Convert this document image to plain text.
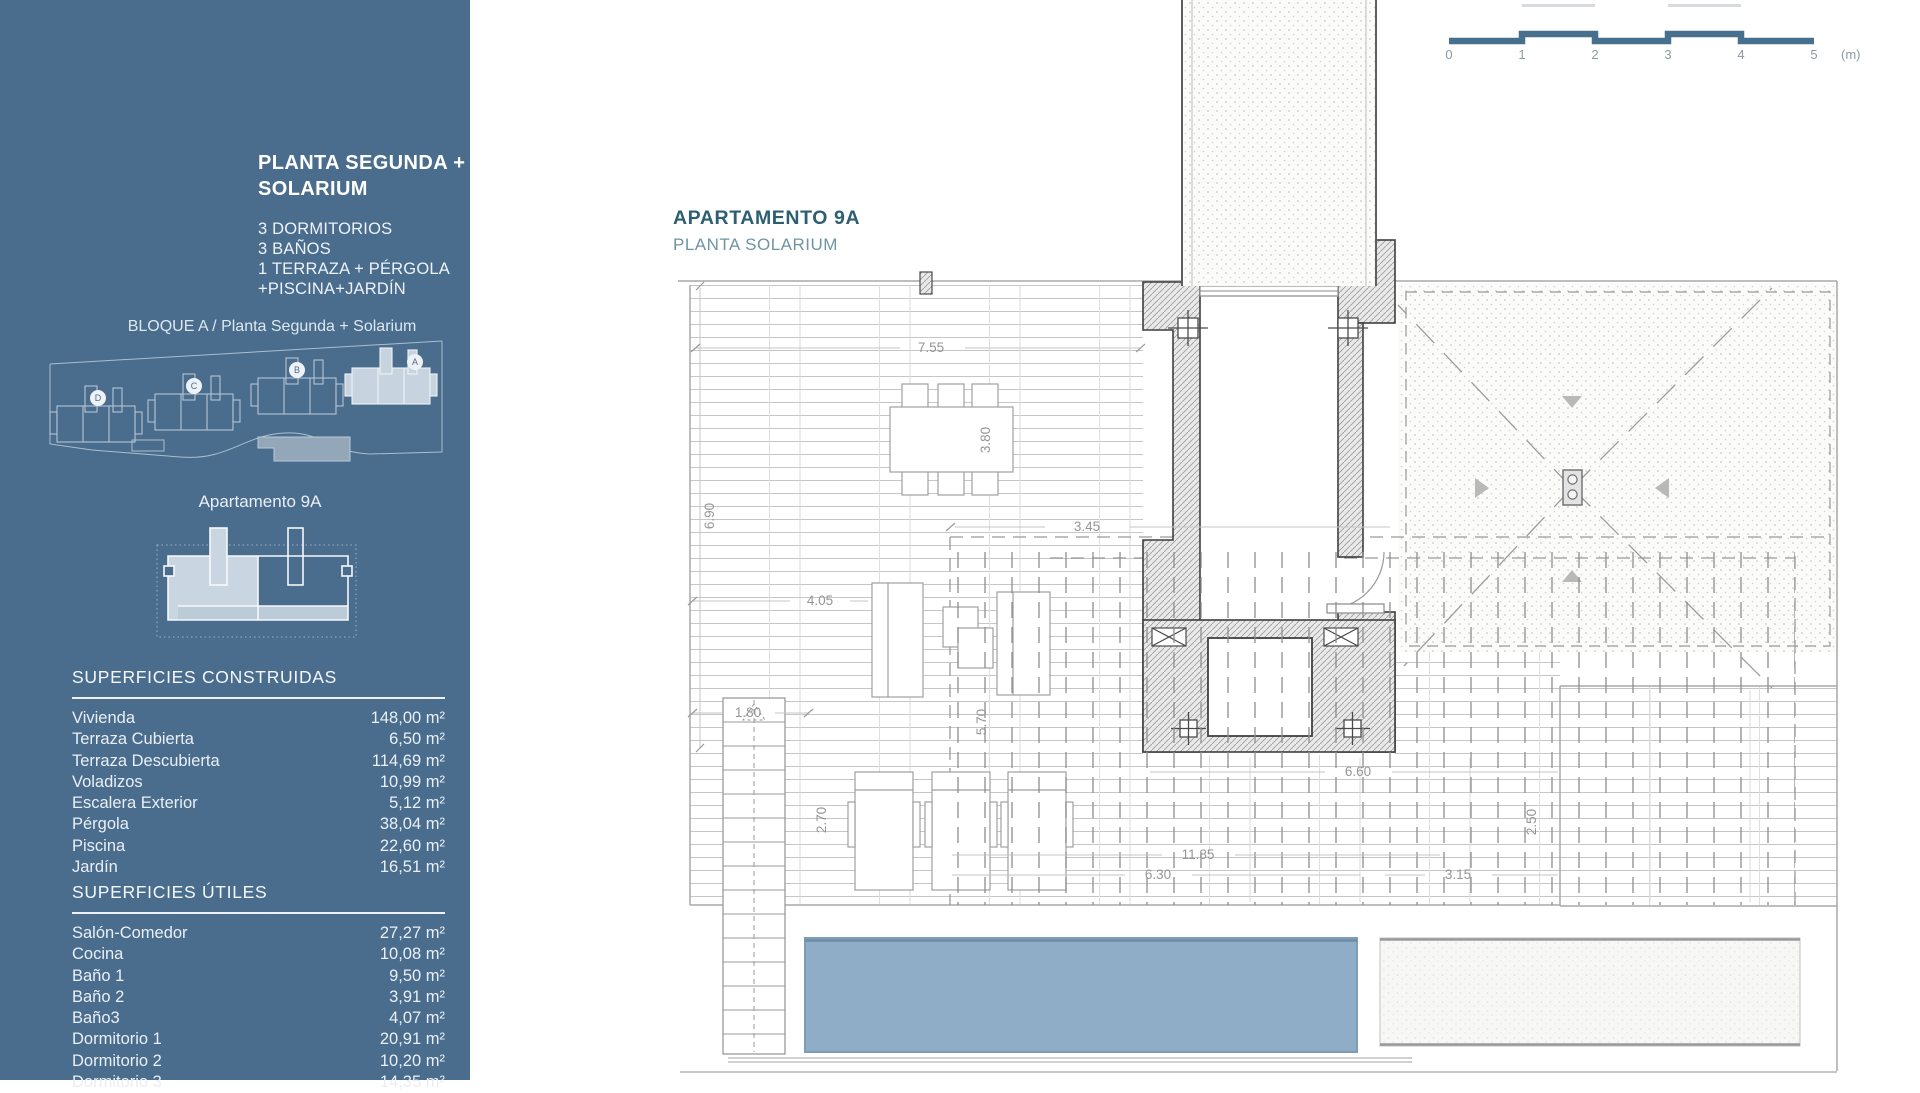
PLANTA SEGUNDA +
SOLARIUM
3 DORMITORIOS
3 BAÑOS
1 TERRAZA + PÉRGOLA
+PISCINA+JARDÍN
BLOQUE A / Planta Segunda + Solarium
D
C
B
A
Apartamento 9A
SUPERFICIES CONSTRUIDAS
Vivienda	148,00 m²
Terraza Cubierta	6,50 m²
Terraza Descubierta	114,69 m²
Voladizos	10,99 m²
Escalera Exterior	5,12 m²
Pérgola	38,04 m²
Piscina	22,60 m²
Jardín	16,51 m²
SUPERFICIES ÚTILES
Salón-Comedor	27,27 m²
Cocina	10,08 m²
Baño 1	9,50 m²
Baño 2	3,91 m²
Baño3	4,07 m²
Dormitorio 1	20,91 m²
Dormitorio 2	10,20 m²
Dormitorio 3	14,35 m²
APARTAMENTO 9A
PLANTA SOLARIUM
0	1	2	3	4	5 (m)
7.55
3.80
6.90	3.45
4.05
1.80	5.70
2.70
6.60
11.85
6.30	3.15
2.50
